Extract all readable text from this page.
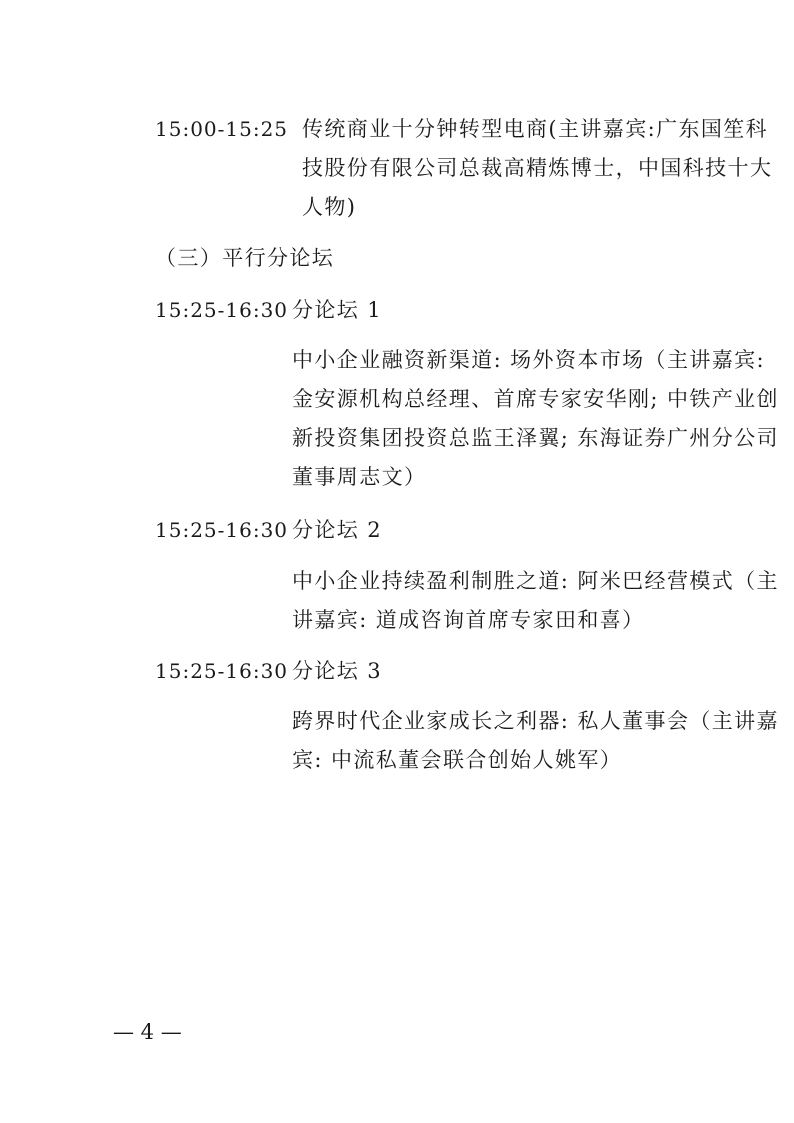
15:00-15:25 传统商业十分钟转型电商(主讲嘉宾:广东国笙科
技股份有限公司总裁高精炼博士，中国科技十大
人物)
（三）平行分论坛
15:25-16:30 分论坛 1
中小企业融资新渠道: 场外资本市场（主讲嘉宾:
金安源机构总经理、首席专家安华刚; 中铁产业创
新投资集团投资总监王泽翼; 东海证券广州分公司
董事周志文）
15:25-16:30 分论坛 2
中小企业持续盈利制胜之道: 阿米巴经营模式（主
讲嘉宾: 道成咨询首席专家田和喜）
15:25-16:30 分论坛 3
跨界时代企业家成长之利器: 私人董事会（主讲嘉
宾: 中流私董会联合创始人姚军）
— 4 —
